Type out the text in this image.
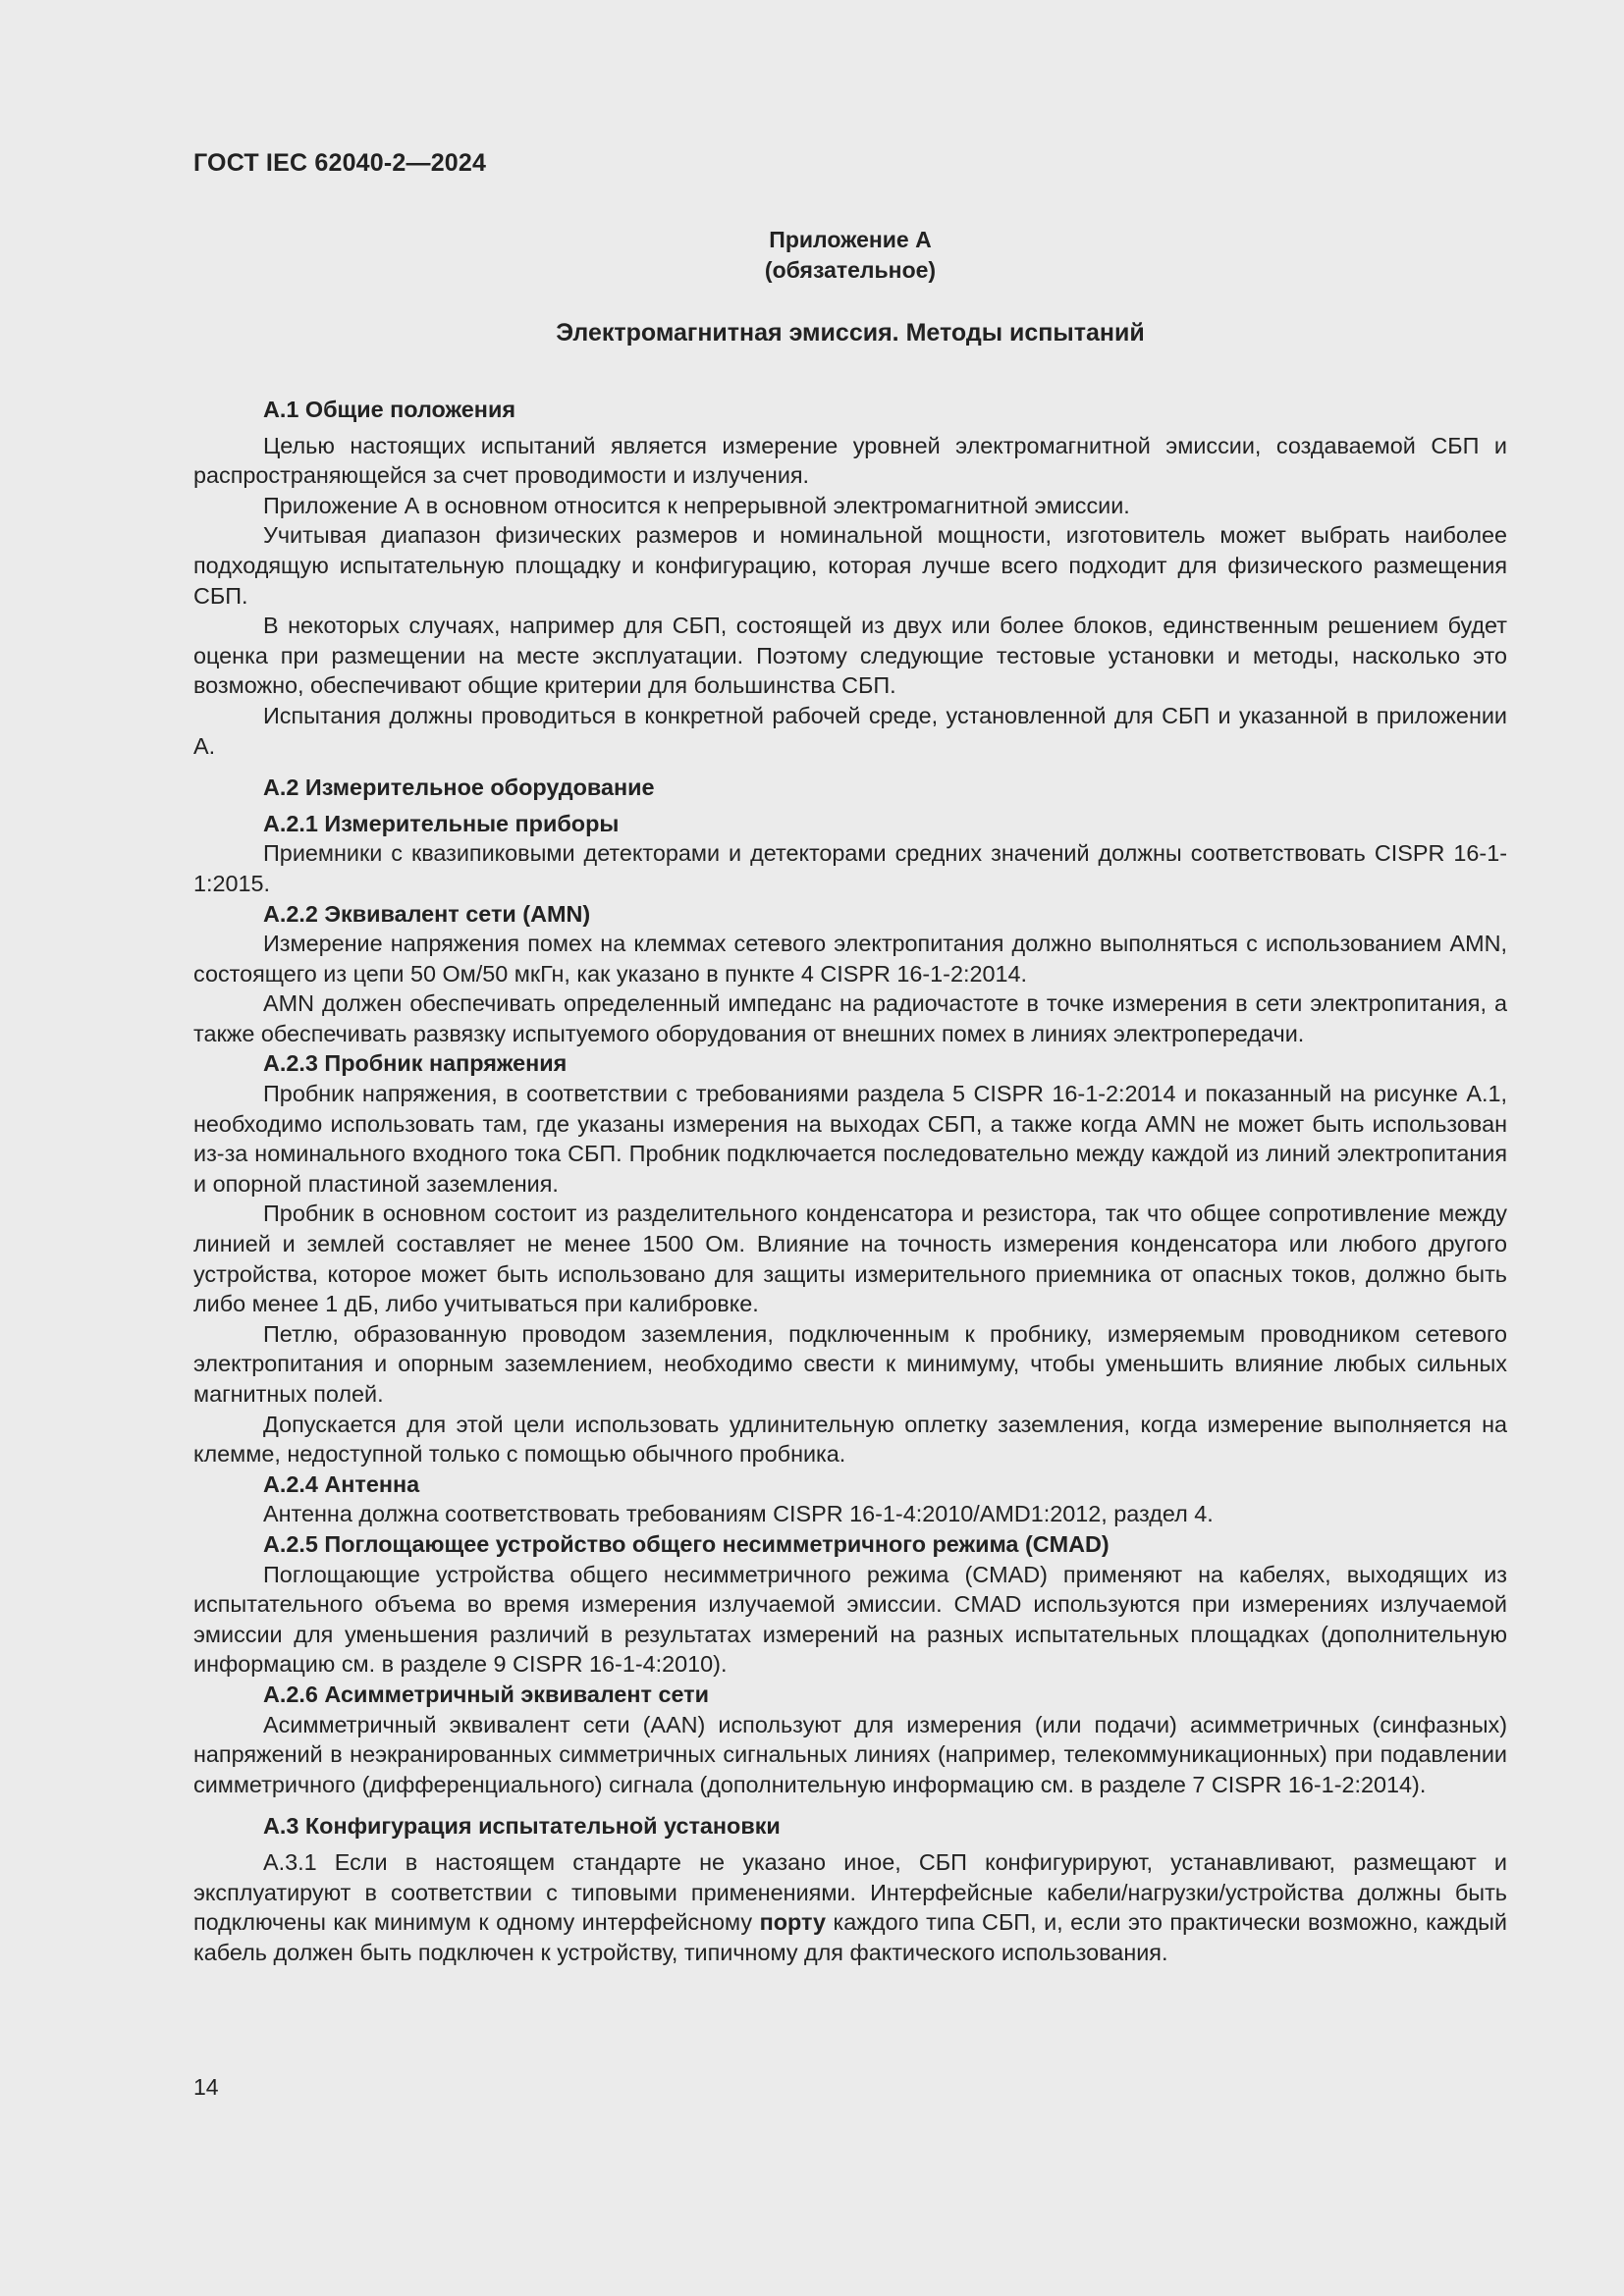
ГОСТ IEC 62040-2—2024
Приложение А
(обязательное)
Электромагнитная эмиссия. Методы испытаний
А.1 Общие положения

Целью настоящих испытаний является измерение уровней электромагнитной эмиссии, создаваемой СБП и распространяющейся за счет проводимости и излучения.

Приложение А в основном относится к непрерывной электромагнитной эмиссии.

Учитывая диапазон физических размеров и номинальной мощности, изготовитель может выбрать наиболее подходящую испытательную площадку и конфигурацию, которая лучше всего подходит для физического размещения СБП.

В некоторых случаях, например для СБП, состоящей из двух или более блоков, единственным решением будет оценка при размещении на месте эксплуатации. Поэтому следующие тестовые установки и методы, насколько это возможно, обеспечивают общие критерии для большинства СБП.

Испытания должны проводиться в конкретной рабочей среде, установленной для СБП и указанной в приложении А.

А.2 Измерительное оборудование
А.2.1 Измерительные приборы

Приемники с квазипиковыми детекторами и детекторами средних значений должны соответствовать CISPR 16-1-1:2015.

А.2.2 Эквивалент сети (AMN)

Измерение напряжения помех на клеммах сетевого электропитания должно выполняться с использованием AMN, состоящего из цепи 50 Ом/50 мкГн, как указано в пункте 4 CISPR 16-1-2:2014.

AMN должен обеспечивать определенный импеданс на радиочастоте в точке измерения в сети электропитания, а также обеспечивать развязку испытуемого оборудования от внешних помех в линиях электропередачи.

А.2.3 Пробник напряжения

Пробник напряжения, в соответствии с требованиями раздела 5 CISPR 16-1-2:2014 и показанный на рисунке А.1, необходимо использовать там, где указаны измерения на выходах СБП, а также когда AMN не может быть использован из-за номинального входного тока СБП. Пробник подключается последовательно между каждой из линий электропитания и опорной пластиной заземления.

Пробник в основном состоит из разделительного конденсатора и резистора, так что общее сопротивление между линией и землей составляет не менее 1500 Ом. Влияние на точность измерения конденсатора или любого другого устройства, которое может быть использовано для защиты измерительного приемника от опасных токов, должно быть либо менее 1 дБ, либо учитываться при калибровке.

Петлю, образованную проводом заземления, подключенным к пробнику, измеряемым проводником сетевого электропитания и опорным заземлением, необходимо свести к минимуму, чтобы уменьшить влияние любых сильных магнитных полей.

Допускается для этой цели использовать удлинительную оплетку заземления, когда измерение выполняется на клемме, недоступной только с помощью обычного пробника.

А.2.4 Антенна

Антенна должна соответствовать требованиям CISPR 16-1-4:2010/AMD1:2012, раздел 4.

А.2.5 Поглощающее устройство общего несимметричного режима (CMAD)

Поглощающие устройства общего несимметричного режима (CMAD) применяют на кабелях, выходящих из испытательного объема во время измерения излучаемой эмиссии. CMAD используются при измерениях излучаемой эмиссии для уменьшения различий в результатах измерений на разных испытательных площадках (дополнительную информацию см. в разделе 9 CISPR 16-1-4:2010).

А.2.6 Асимметричный эквивалент сети

Асимметричный эквивалент сети (AAN) используют для измерения (или подачи) асимметричных (синфазных) напряжений в неэкранированных симметричных сигнальных линиях (например, телекоммуникационных) при подавлении симметричного (дифференциального) сигнала (дополнительную информацию см. в разделе 7 CISPR 16-1-2:2014).

А.3 Конфигурация испытательной установки

А.3.1 Если в настоящем стандарте не указано иное, СБП конфигурируют, устанавливают, размещают и эксплуатируют в соответствии с типовыми применениями. Интерфейсные кабели/нагрузки/устройства должны быть подключены как минимум к одному интерфейсному порту каждого типа СБП, и, если это практически возможно, каждый кабель должен быть подключен к устройству, типичному для фактического использования.

14
